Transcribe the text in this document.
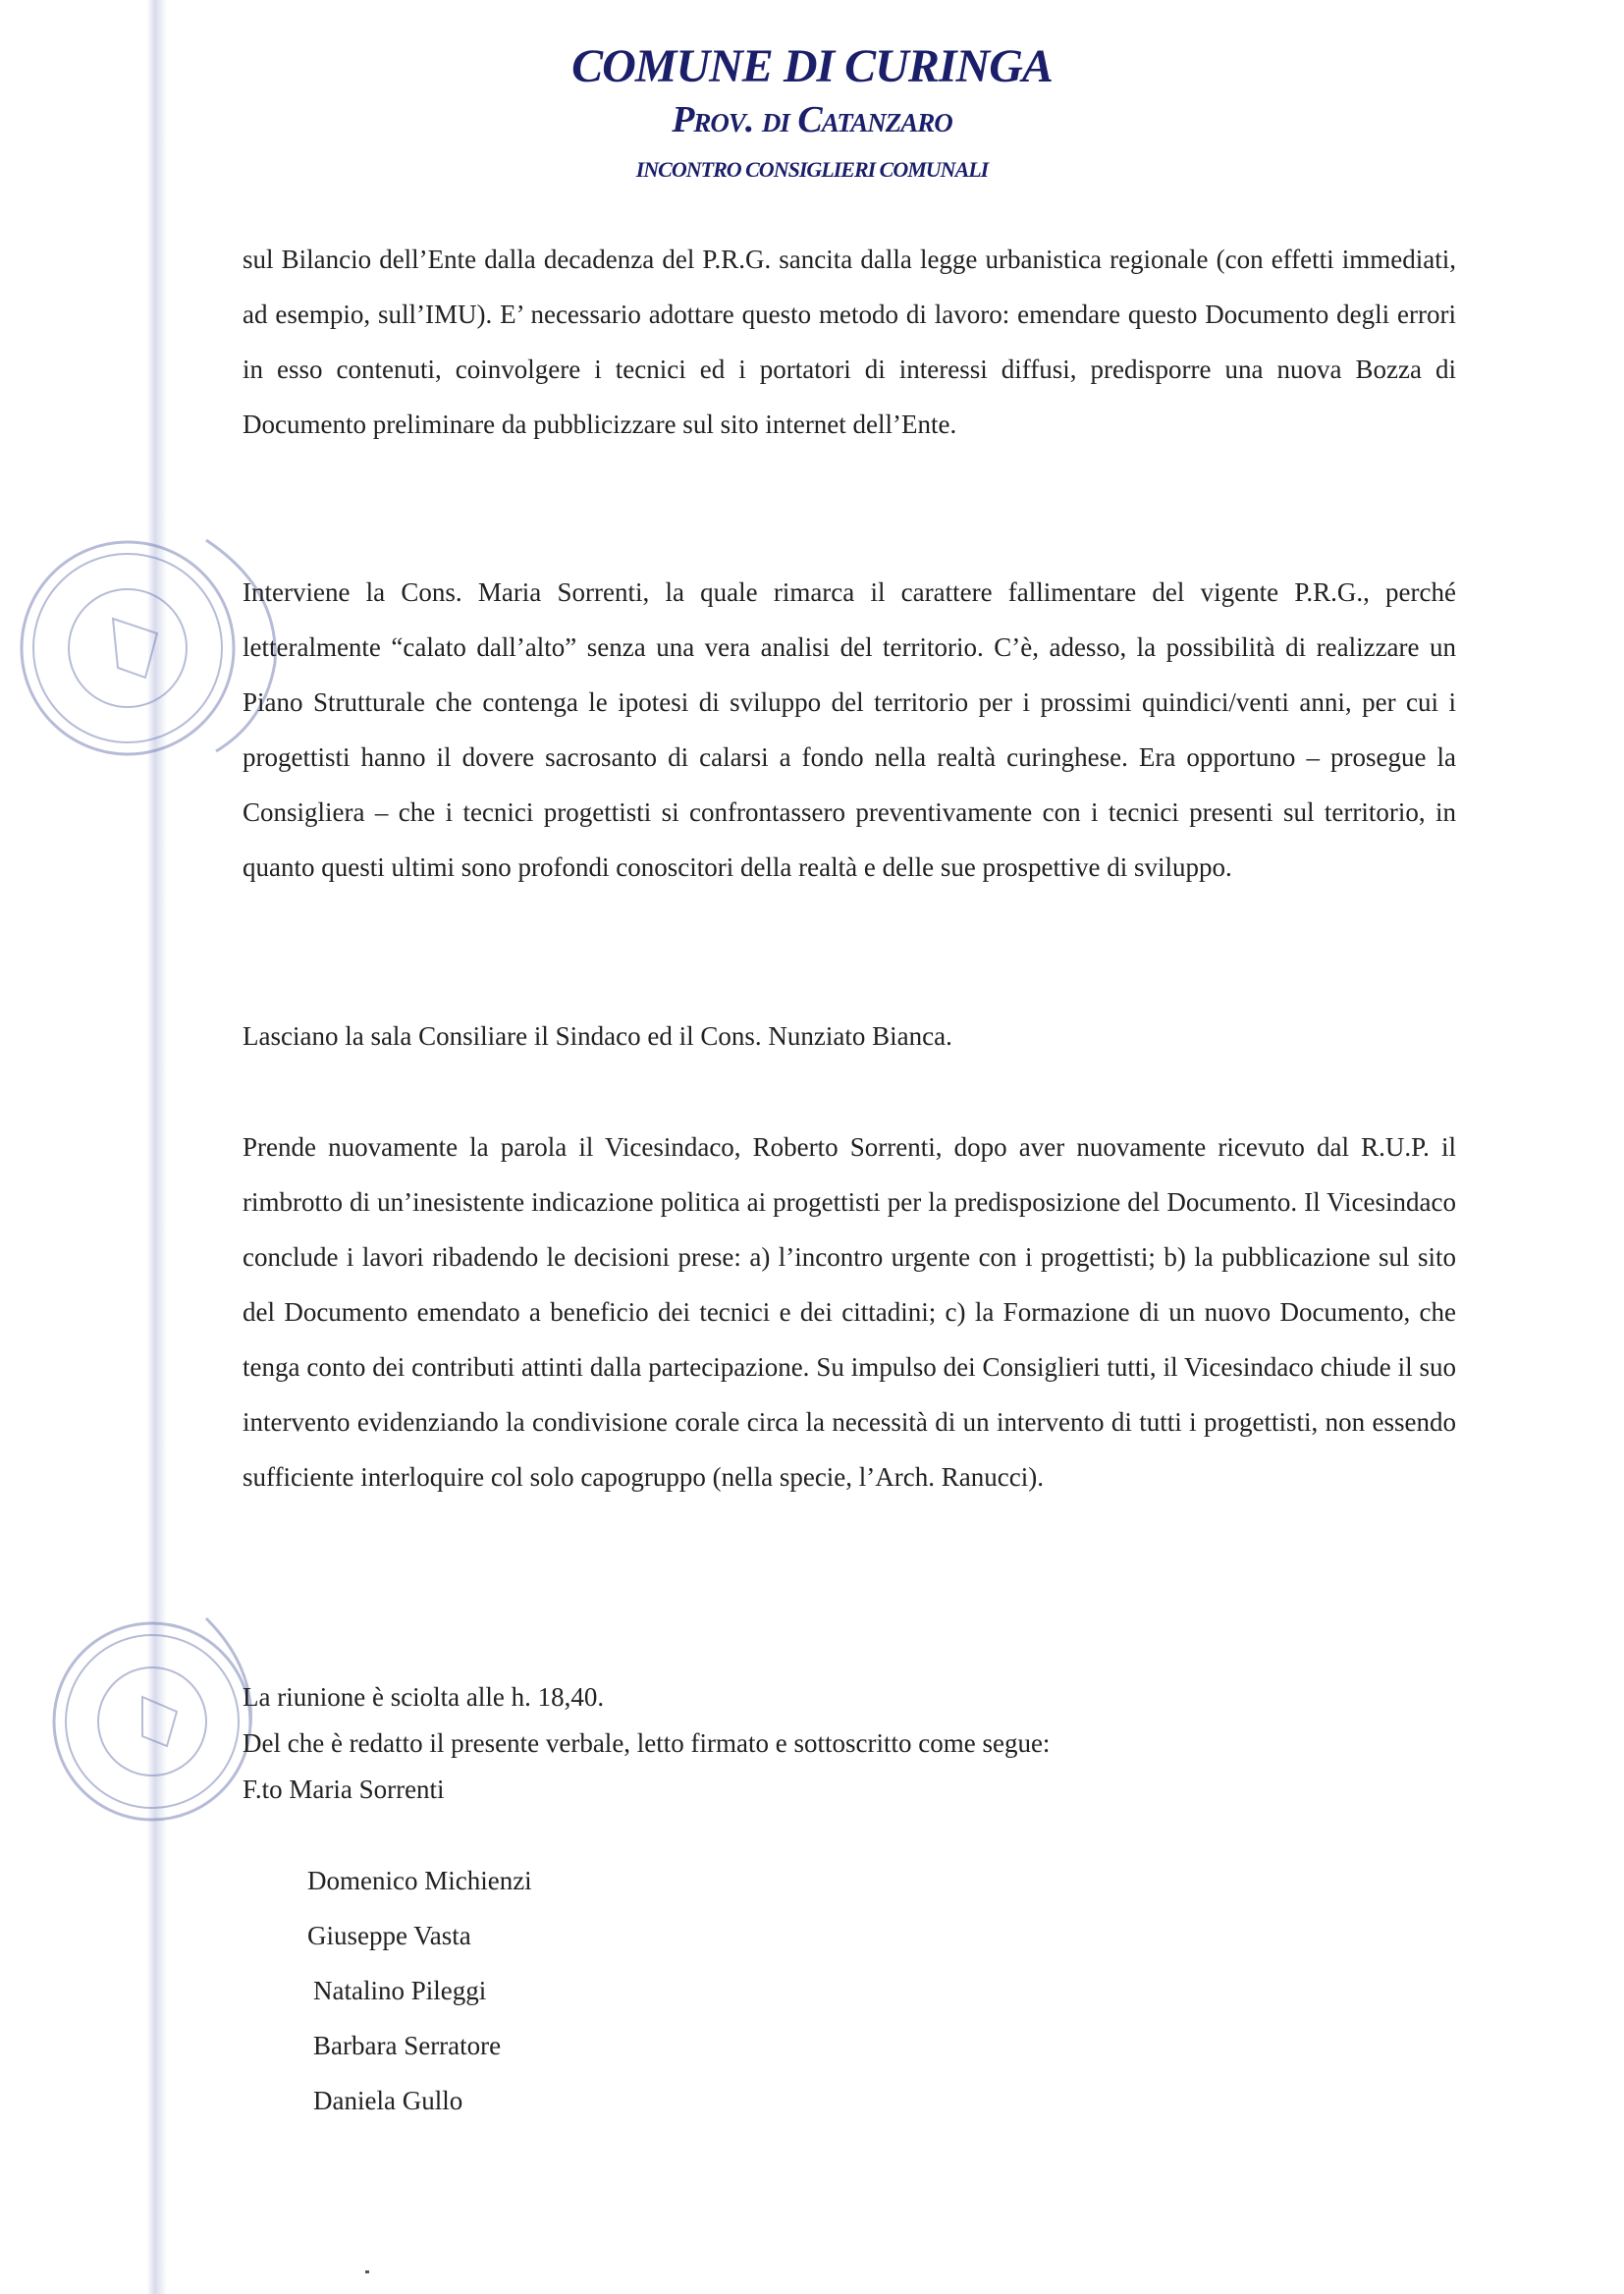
COMUNE DI CURINGA
Prov. di Catanzaro
INCONTRO CONSIGLIERI COMUNALI

sul Bilancio dell’Ente dalla decadenza del P.R.G. sancita dalla legge urbanistica regionale (con effetti immediati, ad esempio, sull’IMU). E’ necessario adottare questo metodo di lavoro: emendare questo Documento degli errori in esso contenuti, coinvolgere i tecnici ed i portatori di interessi diffusi, predisporre una nuova Bozza di Documento preliminare da pubblicizzare sul sito internet dell’Ente.

Interviene la Cons. Maria Sorrenti, la quale rimarca il carattere fallimentare del vigente P.R.G., perché letteralmente “calato dall’alto” senza una vera analisi del territorio. C’è, adesso, la possibilità di realizzare un Piano Strutturale che contenga le ipotesi di sviluppo del territorio per i prossimi quindici/venti anni, per cui i progettisti hanno il dovere sacrosanto di calarsi a fondo nella realtà curinghese. Era opportuno – prosegue la Consigliera – che i tecnici progettisti si confrontassero preventivamente con i tecnici presenti sul territorio, in quanto questi ultimi sono profondi conoscitori della realtà e delle sue prospettive di sviluppo.

Lasciano la sala Consiliare il Sindaco ed il Cons. Nunziato Bianca.

Prende nuovamente la parola il Vicesindaco, Roberto Sorrenti, dopo aver nuovamente ricevuto dal R.U.P. il rimbrotto di un’inesistente indicazione politica ai progettisti per la predisposizione del Documento. Il Vicesindaco conclude i lavori ribadendo le decisioni prese: a) l’incontro urgente con i progettisti; b) la pubblicazione sul sito del Documento emendato a beneficio dei tecnici e dei cittadini; c) la Formazione di un nuovo Documento, che tenga conto dei contributi attinti dalla partecipazione. Su impulso dei Consiglieri tutti, il Vicesindaco chiude il suo intervento evidenziando la condivisione corale circa la necessità di un intervento di tutti i progettisti, non essendo sufficiente interloquire col solo capogruppo (nella specie, l’Arch. Ranucci).

La riunione è sciolta alle h. 18,40.

Del che è redatto il presente verbale, letto firmato e sottoscritto come segue:

F.to Maria Sorrenti

Domenico Michienzi
Giuseppe Vasta
Natalino Pileggi
Barbara Serratore
Daniela Gullo
